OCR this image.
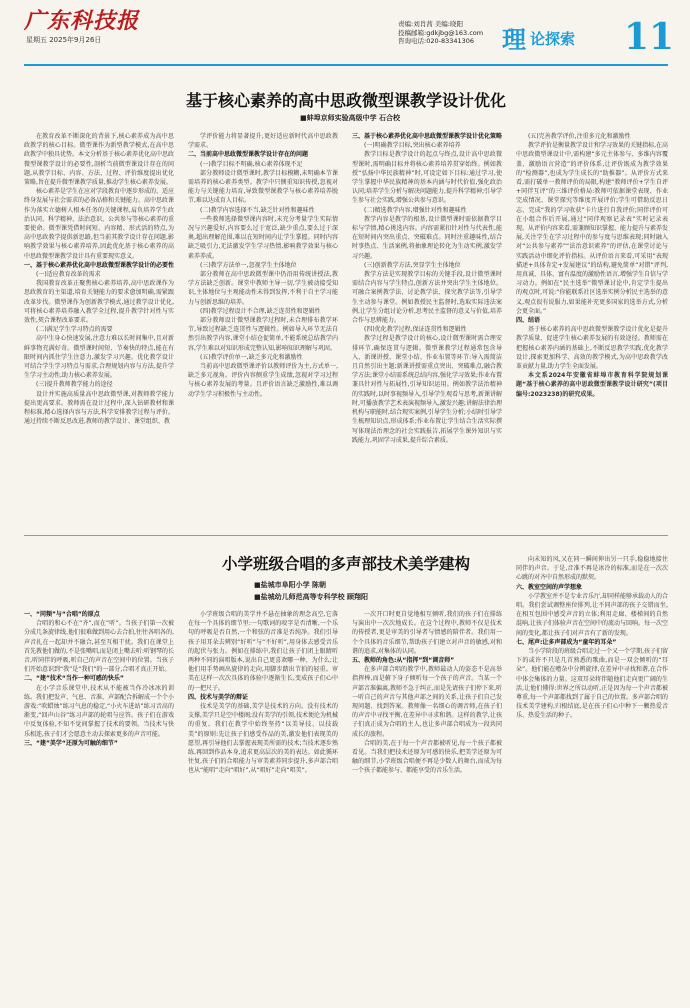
广东科技报
星期五 2025年9月26日
责编:刘肖茜 美编:晓阳
投稿邮箱:gdkjbg@163.com
咨询电话:020-83341306	理 论探索 11
基于核心素养的高中思政微型课教学设计优化
■蚌埠京师实验高级中学 石合校

在教育改革不断深化的背景下,核心素养成为高中思政教学的核心目标。微型课作为新型教学模式,在高中思政教学中独具优势。本文分析基于核心素养优化高中思政微型课教学设计的必要性,剖析当前微型课设计存在的问题,从教学目标、内容、方法、过程、评价维度提出优化策略,旨在提升微型课教学质量,推动学生核心素养发展。

核心素养是学生在应对学段教育中逐步形成的、适应终身发展与社会需求的必备品格和关键能力。高中思政课作为落实立德树人根本任务的关键课程,肩负培养学生政治认同、科学精神、法治意识、公共参与等核心素养的重要使命。微型课凭借时间短、内容精、形式活的特点,为高中思政教学提供新思路,但当前其教学设计存在问题,影响教学效果与核心素养培养,因此优化基于核心素养的高中思政微型课教学设计具有重要现实意义。

一、基于核心素养优化高中思政微型课教学设计的必要性

(一)适应教育改革的需求

我国教育改革正聚焦核心素养培养,高中思政课作为思政教育的主渠道,培育关键能力的要求愈加明确,需紧跟改革步伐。微型课作为创新教学模式,通过教学设计优化,可将核心素养培养融入教学全过程,提升教学针对性与实效性,契合课程改革要求。

(二)满足学生学习特点的需要

高中生身心快速发展,注意力难以长时间集中,且对新鲜事物充满好奇。微型课时间短、节奏快的特点,能在有限时间内抓住学生注意力,激发学习兴趣。优化教学设计可结合学生学习特点与需求,合理规划内容与方法,提升学生学习主动性,助力核心素养发展。

(三)提升教师教学能力的途径

设计并实施高质量高中思政微型课,对教师教学能力提出更高要求。教师需在设计过程中,深入钻研教材和课程标准,精心选择内容与方法,科学安排教学过程与评价。通过持续不断反思改进,教师的教学设计、课堂组织、教

学评价能力将显著提升,更好适应新时代高中思政教学需求。

二、当前高中思政微型课教学设计存在的问题

(一)教学目标不明确,核心素养体现不足

部分教师设计微型课时,教学目标模糊,未明确本节课需培养的核心素养类型。教学中只侧重知识传授,忽视对能力与关键能力培育,导致微型课教学与核心素养培养脱节,难以达成育人目标。

(二)教学内容选择不当,缺乏针对性和趣味性

一些教师选择微型课内容时,未充分考量学生实际情况与兴趣爱好,内容要么过于宽泛,缺少重点,要么过于深奥,超出理解范围,难以在短时间内让学生掌握。同时内容缺乏吸引力,无法激发学生学习热情,影响教学效果与核心素养养成。

(三)教学方法单一,忽视学生主体地位

部分教师在高中思政微型课中仍沿用传统讲授法,教学方法缺乏创新。课堂中教师主导一切,学生被动接受知识,主体地位与主观能动性未得到发挥,不利于自主学习能力与创新思维的培养。

(四)教学过程设计不合理,缺乏连贯性和逻辑性

部分教师设计微型课教学过程时,未合理排布教学环节,导致过程缺乏连贯性与逻辑性。例如导入环节无法自然引出教学内容,课堂小结仓促简单,不能系统总结教学内容,学生难以对知识形成完整认知,影响知识理解与巩固。

(五)教学评价单一,缺乏多元化和激励性

当前高中思政微型课评价以教师评价为主,方式单一,缺乏多元视角。评价内容侧重学生成绩,忽视对学习过程与核心素养发展的考量。且评价语言缺乏激励性,难以调动学生学习积极性与主动性。

三、基于核心素养优化高中思政微型课教学设计优化策略

(一)明确教学目标,突出核心素养培养

教学目标是教学设计的起点与终点,设计高中思政微型课时,需明确目标并将核心素养培养贯穿始终。例如教授“弘扬中华民族精神”时,可设定如下目标:通过学习,使学生掌握中华民族精神的基本内涵与时代价值,强化政治认同;培养学生分析与解决问题能力,提升科学精神;引导学生参与社会实践,增强公共参与意识。

(二)精选教学内容,增强针对性和趣味性

教学内容是教学的根基,设计微型课时需依据教学目标与学情,精心挑选内容。内容需紧扣针对性与代表性,能在短时间内突出重点、突破难点。同时注重趣味性,结合时事热点、生活案例,将抽象理论转化为生动实例,激发学习兴趣。

(三)创新教学方法,突显学生主体地位

教学方法是实现教学目标的关键手段,设计微型课时需结合内容与学生特点,创新方法并突出学生主体地位。可融合案例教学法、讨论教学法、探究教学法等,引导学生主动参与课堂。例如教授民主监督时,选取实际违法案例,让学生分组讨论分析,思考民主监督的意义与价值,培养合作与思辨能力。

(四)优化教学过程,保证连贯性和逻辑性

教学过程是教学设计的核心,设计微型课时需合理安排环节,确保连贯与逻辑。微型课教学过程通常包含导入、新课讲授、课堂小结、作业布置等环节:导入需简洁且自然引出主题;新课讲授需重点突出、突破难点,融合教学方法;课堂小结需系统总结内容,强化学习效果;作业布置兼具针对性与拓展性,引导知识运用。例如教学法治精神的实践时,以时事视频导入,引导学生观看与思考,新课讲解时,可播放教学艺术表演视频导入,激发兴趣;讲解法律治理机构与职能时,结合现实案例,引导学生分析;小结时引导学生梳理知识点,形成体系;作业布置让学生结合生活实际撰写体现法治理念的社会实践报告,拓展学生课外知识与实践能力,巩固学习成果,提升综合素质。

(五)完善教学评价,注重多元化和激励性

教学评价是衡量教学设计和学习效果的关键指标,在高中思政微型课设计中,需构建“多元主体参与、多维内容覆盖、激励语言营造”的评价体系,让评价既成为教学效果的“检测器”,也成为学生成长的“助推器”。从评价方式来看,需打破单一教师评价的局限,构建“教师评价+学生自评+同伴互评”的三维评价格局:教师可依据课堂表现、作业完成情况、课堂探究等维度开展评价;学生可借助反思日志、完成“我的学习收获”卡片进行自我评价;同伴评价可在小组合作后开展,通过“同伴观察记录表”实时记录表现。从评价内容来看,需兼顾知识掌握、能力提升与素养发展,关注学生在学习过程中的参与度与思维表现;同时融入对“公共参与素养”“法治意识素养”的评估,在课堂讨论与实践活动中细化评价指标。从评价语言来看,可采用“表现描述+具体肯定+发展建议”的结构,避免简单“对错”评判,用真诚、具体、富有温度的激励性语言,增强学生自信与学习动力。例如在“民主选举”微型课讨论中,肯定学生提出的观点时,可说:“你能联系社区选举实例分析民主选举的意义,观点很有说服力,如果能补充更多国家的选举方式,分析会更全面。”

四、结语

基于核心素养的高中思政微型课教学设计优化是提升教学质量、促进学生核心素养发展的有效途径。教师需在把握核心素养内涵的基础上,不断反思教学实践,优化教学设计,探索更加科学、高效的教学模式,为高中思政教学改革贡献力量,助力学生全面发展。

本文系2024年安徽省蚌埠市教育科学院规划课题“基于核心素养的高中思政微型课教学设计研究”(项目编号:2023238)的研究成果。

小学班级合唱的多声部技术美学建构
■盐城市阜阳小学 陈朝
■盐城幼儿师范高等专科学校 顾翔阳

一、“同频”与“合唱”的原点

合唱的和心不在“齐”,而在“听”。当孩子们第一次被分成几条旋律线,他们很难做到用心去合拍,往往各唱各的,声音扎在一起却并不融合,甚至互相干扰。我们在课堂上首先教他们做的,不是张嘴唱,而是闭上嘴去听:听钢琴的长音,听同伴的呼吸,听自己的声音在空间中的位置。当孩子们开始意识到“我”是“我们”的一部分,合唱才真正开始。

二、“建”技术“当作一种可感的快乐”

在小学音乐课堂中,技术从不能被当作冷冰冰的训练。我们把发声、气息、音准、声部配合拆解成一个个小游戏:“吹蜡烛”练习气息的稳定,“小火车进站”练习音高的渐变,“回声山谷”练习声部的轮唱与应答。孩子们在游戏中反复体验,不知不觉间掌握了技术的要领。当技术与快乐相连,孩子们才会愿意主动去探索更多的声音可能。

三、“建”美学“还原为可触的细节”

小学班级合唱的美学并不悬在抽象的理念高空,它落在每一个具体的细节里:一句歌词的咬字是否清晰,一个乐句的呼吸是否自然,一个和弦的音准是否纯净。我们引导孩子用耳朵去辨别“好听”与“不好听”,用身体去感受音乐的起伏与张力。例如在排练中,我们让孩子们闭上眼睛听两种不同的演唱版本,说出自己更喜欢哪一种、为什么;让他们用手势画出旋律的走向,用脚步踏出节拍的轻重。审美在这样一次次具体的体验中逐渐生长,变成孩子们心中的一把尺子。

四、技术与美学的辩证

技术是美学的基础,美学是技术的方向。没有技术的支撑,美学只是空中楼阁;没有美学的引领,技术便沦为机械的重复。我们在教学中始终坚持“以美导技、以技载美”的原则:先让孩子们感受作品的美,激发他们表现美的愿望,再引导他们去掌握表现美所需的技术;当技术逐步熟练,再回到作品本身,追求更高层次的美的表达。如此循环往复,孩子们的合唱能力与审美素养同步提升,多声部合唱也从“能唱”走向“唱好”,从“唱好”走向“唱美”。

一次开口时更自觉地相互倾听,我们的孩子们在排练与演出中一次次地成长。在这个过程中,教师不仅是技术的传授者,更是审美的引导者与情感的陪伴者。我们用一个个具体的音乐细节,帮助孩子们建立对声音的敏感,对和谐的追求,对集体的认同。

五、教师的角色:从“指挥”到“调音师”

在多声部合唱的教学中,教师最动人的姿态不是高举指挥棒,而是俯下身子倾听每一个孩子的声音。当某一个声部音准偏离,教师不急于纠正,而是先请孩子们停下来,听一听自己的声音与其他声部之间的关系,让孩子们自己发现问题、找到答案。教师像一名细心的调音师,在孩子们的声音中寻找平衡,在差异中寻求和谐。这样的教学,让孩子们真正成为合唱的主人,也让多声部合唱成为一段共同成长的旅程。

合唱的美,在于每一个声音都被听见,每一个孩子都被看见。当我们把技术还原为可感的快乐,把美学还原为可触的细节,小学班级合唱便不再是少数人的舞台,而成为每一个孩子都能参与、都能享受的音乐生活。

向未知的风,又在同一瞬间伸出另一只手,稳稳地接住同伴的声音。于是,音准不再是冰冷的标准,而是在一次次心跳的对齐中自然形成的默契。

六、教室空间的声学想象

小学教室并不是专业音乐厅,却同样能够承载动人的合唱。我们尝试调整座位排列,让不同声部的孩子交错而坐,在相互包围中感受声音的立体;利用走廊、楼梯间的自然混响,让孩子们体验声音在空间中的流动与回响。每一次空间的变化,都让孩子们对声音有了新的发现。

七、尾声:让多声部成为“童年的耳朵”

当小学阶段的班级合唱走过一个又一个学期,孩子们留下的或许不只是几首熟悉的歌曲,而是一双会倾听的“耳朵”。他们能在嘈杂中分辨旋律,在差异中寻找和谐,在合作中体会集体的力量。这双耳朵将伴随他们走向更广阔的生活,让他们懂得:世界之所以动听,正是因为每一个声音都被尊重,每一个声部都找到了属于自己的位置。多声部合唱的技术美学建构,归根结底,是在孩子们心中种下一颗热爱音乐、热爱生活的种子。
